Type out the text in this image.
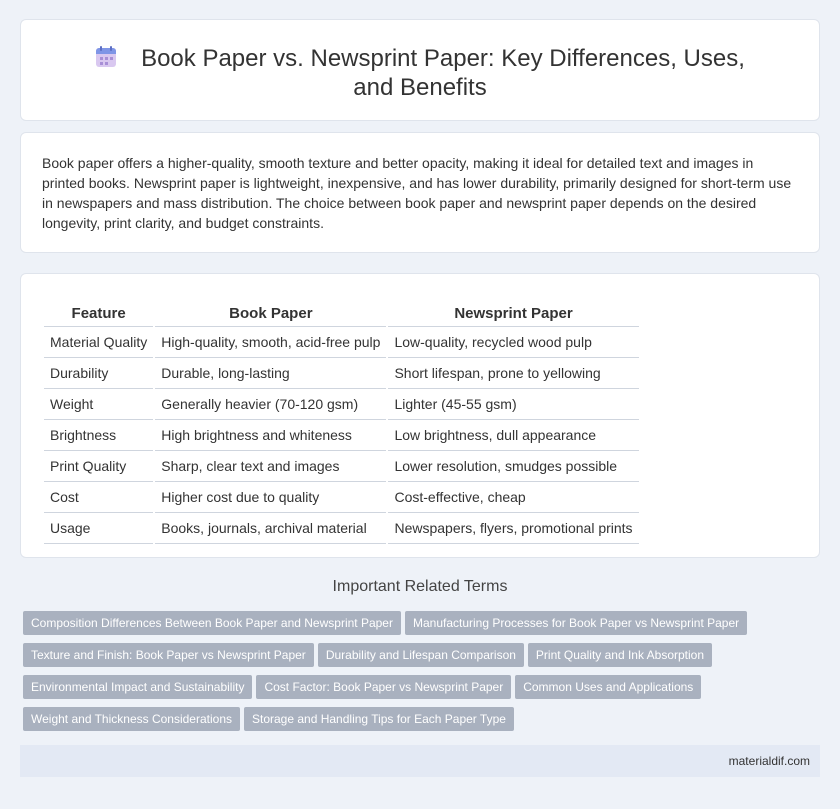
Book Paper vs. Newsprint Paper: Key Differences, Uses, and Benefits

Book paper offers a higher-quality, smooth texture and better opacity, making it ideal for detailed text and images in printed books. Newsprint paper is lightweight, inexpensive, and has lower durability, primarily designed for short-term use in newspapers and mass distribution. The choice between book paper and newsprint paper depends on the desired longevity, print clarity, and budget constraints.

Feature	Book Paper	Newsprint Paper
Material Quality	High-quality, smooth, acid-free pulp	Low-quality, recycled wood pulp
Durability	Durable, long-lasting	Short lifespan, prone to yellowing
Weight	Generally heavier (70-120 gsm)	Lighter (45-55 gsm)
Brightness	High brightness and whiteness	Low brightness, dull appearance
Print Quality	Sharp, clear text and images	Lower resolution, smudges possible
Cost	Higher cost due to quality	Cost-effective, cheap
Usage	Books, journals, archival material	Newspapers, flyers, promotional prints
Important Related Terms
Composition Differences Between Book Paper and Newsprint Paper Manufacturing Processes for Book Paper vs Newsprint PaperTexture and Finish: Book Paper vs Newsprint Paper Durability and Lifespan Comparison Print Quality and Ink AbsorptionEnvironmental Impact and Sustainability Cost Factor: Book Paper vs Newsprint Paper Common Uses and ApplicationsWeight and Thickness Considerations Storage and Handling Tips for Each Paper Type
materialdif.com
